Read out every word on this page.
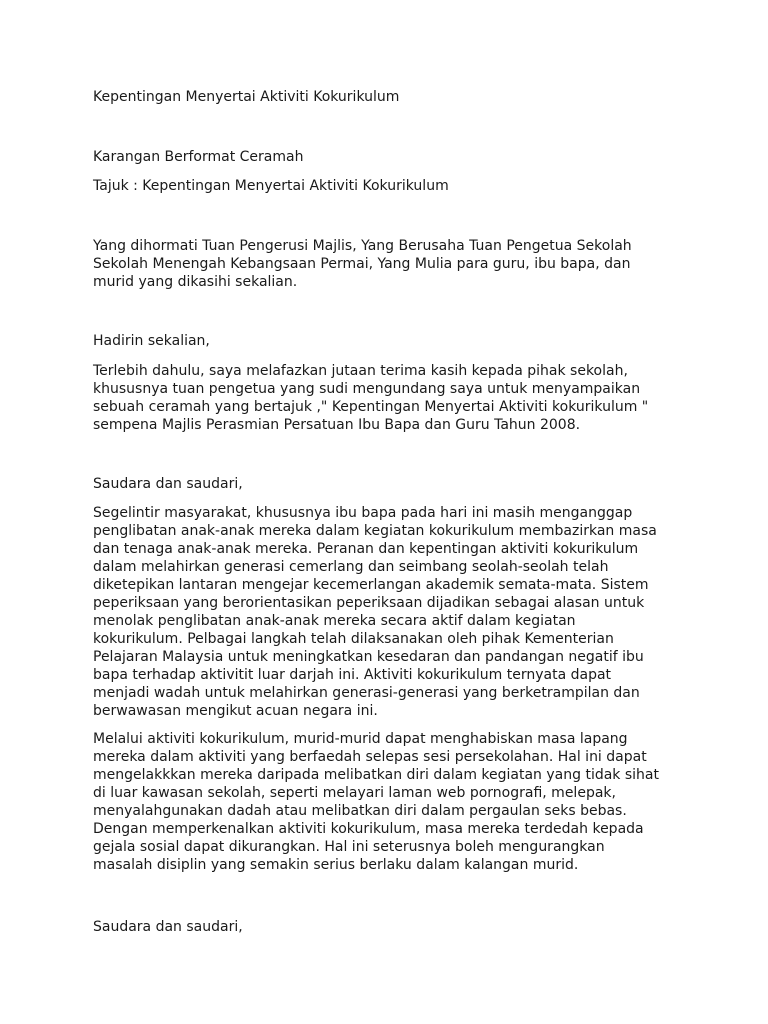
Kepentingan Menyertai Aktiviti Kokurikulum

Karangan Berformat Ceramah

Tajuk : Kepentingan Menyertai Aktiviti Kokurikulum

Yang dihormati Tuan Pengerusi Majlis, Yang Berusaha Tuan Pengetua Sekolah
Sekolah Menengah Kebangsaan Permai, Yang Mulia para guru, ibu bapa, dan
murid yang dikasihi sekalian.

Hadirin sekalian,

Terlebih dahulu, saya melafazkan jutaan terima kasih kepada pihak sekolah,
khususnya tuan pengetua yang sudi mengundang saya untuk menyampaikan
sebuah ceramah yang bertajuk ," Kepentingan Menyertai Aktiviti kokurikulum "
sempena Majlis Perasmian Persatuan Ibu Bapa dan Guru Tahun 2008.

Saudara dan saudari,

Segelintir masyarakat, khususnya ibu bapa pada hari ini masih menganggap
penglibatan anak-anak mereka dalam kegiatan kokurikulum membazirkan masa
dan tenaga anak-anak mereka. Peranan dan kepentingan aktiviti kokurikulum
dalam melahirkan generasi cemerlang dan seimbang seolah-seolah telah
diketepikan lantaran mengejar kecemerlangan akademik semata-mata. Sistem
peperiksaan yang berorientasikan peperiksaan dijadikan sebagai alasan untuk
menolak penglibatan anak-anak mereka secara aktif dalam kegiatan
kokurikulum. Pelbagai langkah telah dilaksanakan oleh pihak Kementerian
Pelajaran Malaysia untuk meningkatkan kesedaran dan pandangan negatif ibu
bapa terhadap aktivitit luar darjah ini. Aktiviti kokurikulum ternyata dapat
menjadi wadah untuk melahirkan generasi-generasi yang berketrampilan dan
berwawasan mengikut acuan negara ini.
Melalui aktiviti kokurikulum, murid-murid dapat menghabiskan masa lapang
mereka dalam aktiviti yang berfaedah selepas sesi persekolahan. Hal ini dapat
mengelakkkan mereka daripada melibatkan diri dalam kegiatan yang tidak sihat
di luar kawasan sekolah, seperti melayari laman web pornografi, melepak,
menyalahgunakan dadah atau melibatkan diri dalam pergaulan seks bebas.
Dengan memperkenalkan aktiviti kokurikulum, masa mereka terdedah kepada
gejala sosial dapat dikurangkan. Hal ini seterusnya boleh mengurangkan
masalah disiplin yang semakin serius berlaku dalam kalangan murid.

Saudara dan saudari,
